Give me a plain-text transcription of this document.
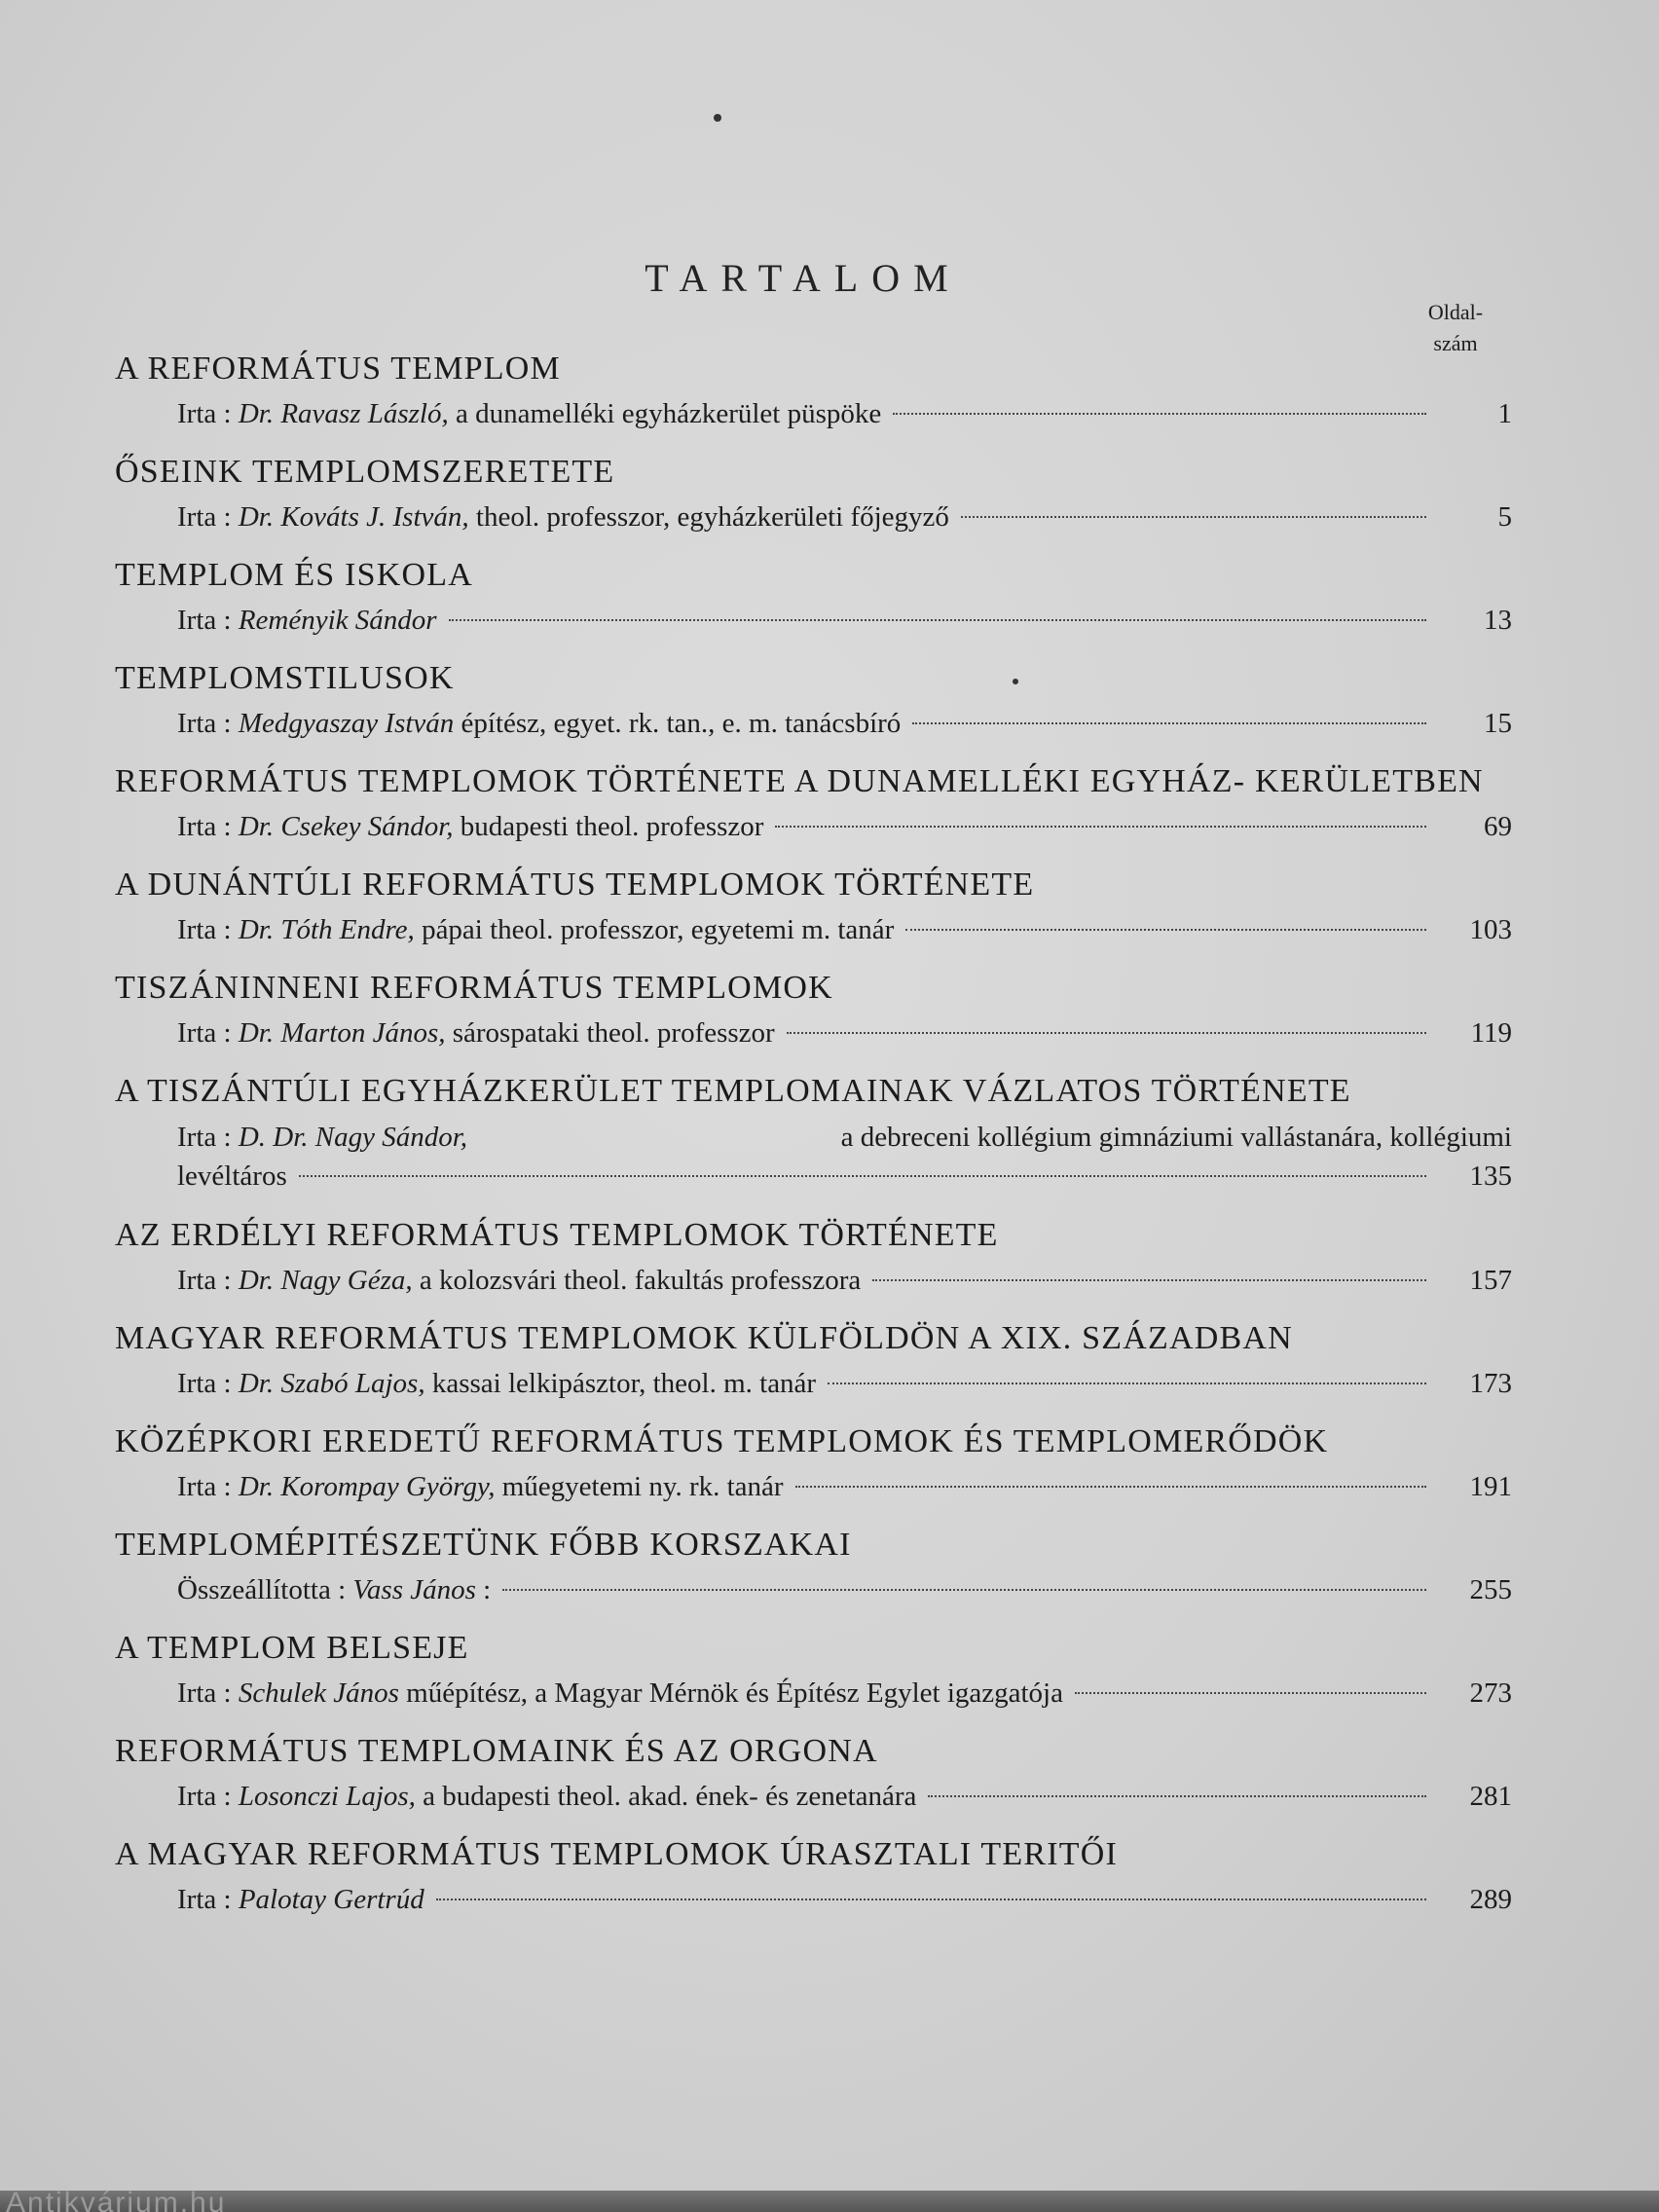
TARTALOM
Oldal-
szám
A REFORMÁTUS TEMPLOM
Irta : Dr. Ravasz László, a dunamelléki egyházkerület püspöke	1
ŐSEINK TEMPLOMSZERETETE
Irta : Dr. Kováts J. István, theol. professzor, egyházkerületi főjegyző	5
TEMPLOM ÉS ISKOLA
Irta : Reményik Sándor	13
TEMPLOMSTILUSOK
Irta : Medgyaszay István építész, egyet. rk. tan., e. m. tanácsbíró	15
REFORMÁTUS TEMPLOMOK TÖRTÉNETE A DUNAMELLÉKI EGYHÁZ- KERÜLETBEN
Irta : Dr. Csekey Sándor, budapesti theol. professzor	69
A DUNÁNTÚLI REFORMÁTUS TEMPLOMOK TÖRTÉNETE
Irta : Dr. Tóth Endre, pápai theol. professzor, egyetemi m. tanár	103
TISZÁNINNENI REFORMÁTUS TEMPLOMOK
Irta : Dr. Marton János, sárospataki theol. professzor	119
A TISZÁNTÚLI EGYHÁZKERÜLET TEMPLOMAINAK VÁZLATOS TÖRTÉNETE
Irta : D. Dr. Nagy Sándor,	a debreceni kollégium gimnáziumi vallástanára, kollégiumi
levéltáros	135
AZ ERDÉLYI REFORMÁTUS TEMPLOMOK TÖRTÉNETE
Irta : Dr. Nagy Géza, a kolozsvári theol. fakultás professzora	157
MAGYAR REFORMÁTUS TEMPLOMOK KÜLFÖLDÖN A XIX. SZÁZADBAN
Irta : Dr. Szabó Lajos, kassai lelkipásztor, theol. m. tanár	173
KÖZÉPKORI EREDETŰ REFORMÁTUS TEMPLOMOK ÉS TEMPLOMERŐDÖK
Irta : Dr. Korompay György, műegyetemi ny. rk. tanár	191
TEMPLOMÉPITÉSZETÜNK FŐBB KORSZAKAI
Összeállította : Vass János :	255
A TEMPLOM BELSEJE
Irta : Schulek János műépítész, a Magyar Mérnök és Építész Egylet igazgatója	273
REFORMÁTUS TEMPLOMAINK ÉS AZ ORGONA
Irta : Losonczi Lajos, a budapesti theol. akad. ének- és zenetanára	281
A MAGYAR REFORMÁTUS TEMPLOMOK ÚRASZTALI TERITŐI
Irta : Palotay Gertrúd	289
Antikvárium.hu
